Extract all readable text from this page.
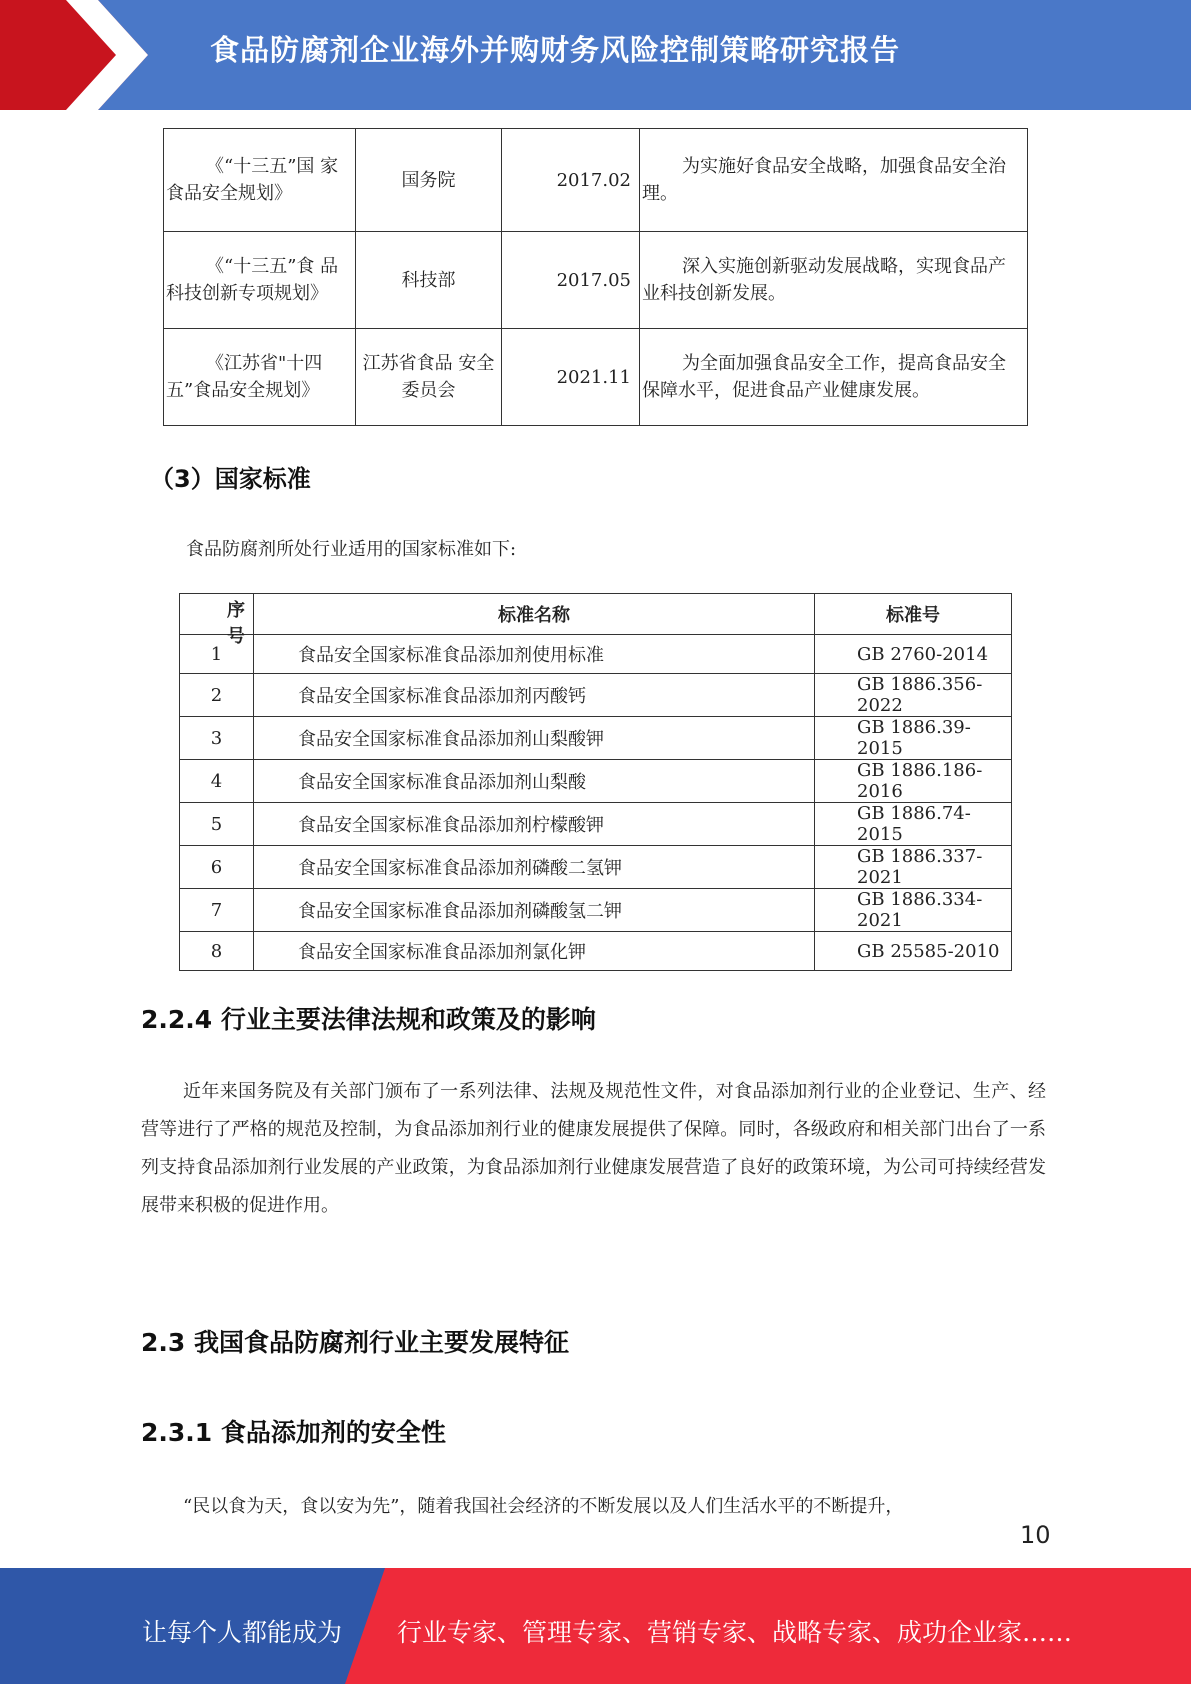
食品防腐剂企业海外并购财务风险控制策略研究报告
《“十三五”国 家食品安全规划》	国务院	2017.02	为实施好食品安全战略，加强食品安全治理。
《“十三五”食 品科技创新专项规划》	科技部	2017.05	深入实施创新驱动发展战略，实现食品产业科技创新发展。
《江苏省"十四五”食品安全规划》	江苏省食品 安全委员会	2021.11	为全面加强食品安全工作，提高食品安全保障水平，促进食品产业健康发展。
（3）国家标准
食品防腐剂所处行业适用的国家标准如下:
序号	标准名称	标准号
1	食品安全国家标准食品添加剂使用标准	GB 2760-2014
2	食品安全国家标准食品添加剂丙酸钙	GB 1886.356-2022
3	食品安全国家标准食品添加剂山梨酸钾	GB 1886.39-2015
4	食品安全国家标准食品添加剂山梨酸	GB 1886.186-2016
5	食品安全国家标准食品添加剂柠檬酸钾	GB 1886.74-2015
6	食品安全国家标准食品添加剂磷酸二氢钾	GB 1886.337-2021
7	食品安全国家标准食品添加剂磷酸氢二钾	GB 1886.334-2021
8	食品安全国家标准食品添加剂氯化钾	GB 25585-2010
2.2.4 行业主要法律法规和政策及的影响
近年来国务院及有关部门颁布了一系列法律、法规及规范性文件，对食品添加剂行业的企业登记、生产、经营等进行了严格的规范及控制，为食品添加剂行业的健康发展提供了保障。同时，各级政府和相关部门出台了一系列支持食品添加剂行业发展的产业政策，为食品添加剂行业健康发展营造了良好的政策环境，为公司可持续经营发展带来积极的促进作用。
2.3 我国食品防腐剂行业主要发展特征
2.3.1 食品添加剂的安全性
“民以食为天，食以安为先”，随着我国社会经济的不断发展以及人们生活水平的不断提升，
10
让每个人都能成为 行业专家、管理专家、营销专家、战略专家、成功企业家……
